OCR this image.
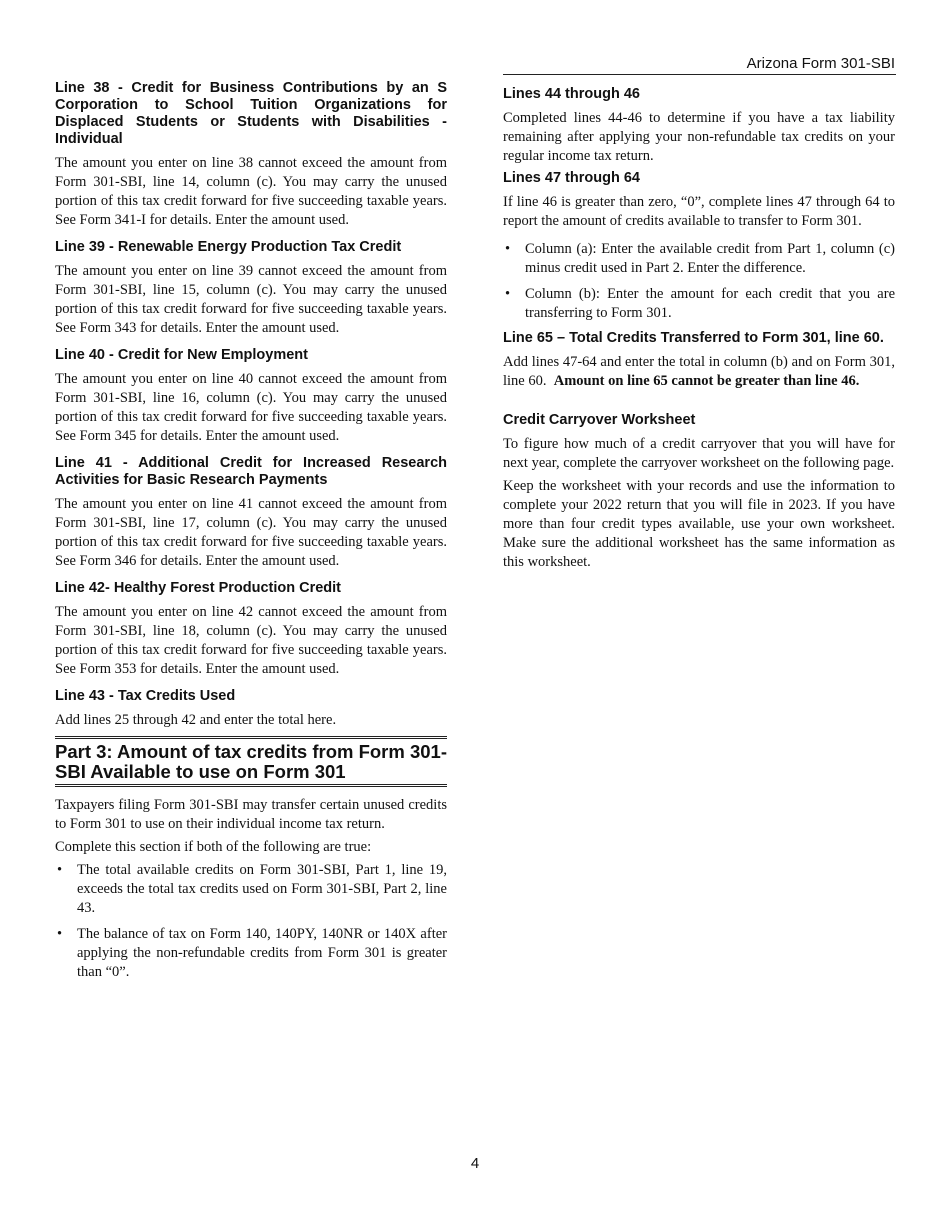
Arizona Form 301-SBI
Line 38 - Credit for Business Contributions by an S Corporation to School Tuition Organizations for Displaced Students or Students with Disabilities - Individual

The amount you enter on line 38 cannot exceed the amount from Form 301-SBI, line 14, column (c). You may carry the unused portion of this tax credit forward for five succeeding taxable years. See Form 341-I for details. Enter the amount used.

Line 39 - Renewable Energy Production Tax Credit

The amount you enter on line 39 cannot exceed the amount from Form 301-SBI, line 15, column (c). You may carry the unused portion of this tax credit forward for five succeeding taxable years. See Form 343 for details. Enter the amount used.

Line 40 - Credit for New Employment

The amount you enter on line 40 cannot exceed the amount from Form 301-SBI, line 16, column (c). You may carry the unused portion of this tax credit forward for five succeeding taxable years. See Form 345 for details. Enter the amount used.

Line 41 - Additional Credit for Increased Research Activities for Basic Research Payments

The amount you enter on line 41 cannot exceed the amount from Form 301-SBI, line 17, column (c). You may carry the unused portion of this tax credit forward for five succeeding taxable years. See Form 346 for details. Enter the amount used.

Line 42- Healthy Forest Production Credit

The amount you enter on line 42 cannot exceed the amount from Form 301-SBI, line 18, column (c). You may carry the unused portion of this tax credit forward for five succeeding taxable years. See Form 353 for details. Enter the amount used.

Line 43 - Tax Credits Used

Add lines 25 through 42 and enter the total here.

Part 3: Amount of tax credits from Form 301-SBI Available to use on Form 301

Taxpayers filing Form 301-SBI may transfer certain unused credits to Form 301 to use on their individual income tax return.

Complete this section if both of the following are true:

• The total available credits on Form 301-SBI, Part 1, line 19, exceeds the total tax credits used on Form 301-SBI, Part 2, line 43.
• The balance of tax on Form 140, 140PY, 140NR or 140X after applying the non-refundable credits from Form 301 is greater than “0”.
Lines 44 through 46

Completed lines 44-46 to determine if you have a tax liability remaining after applying your non-refundable tax credits on your regular income tax return.

Lines 47 through 64

If line 46 is greater than zero, “0”, complete lines 47 through 64 to report the amount of credits available to transfer to Form 301.

• Column (a): Enter the available credit from Part 1, column (c) minus credit used in Part 2. Enter the difference.
• Column (b): Enter the amount for each credit that you are transferring to Form 301.
Line 65 – Total Credits Transferred to Form 301, line 60.

Add lines 47-64 and enter the total in column (b) and on Form 301, line 60. Amount on line 65 cannot be greater than line 46.

Credit Carryover Worksheet

To figure how much of a credit carryover that you will have for next year, complete the carryover worksheet on the following page.

Keep the worksheet with your records and use the information to complete your 2022 return that you will file in 2023. If you have more than four credit types available, use your own worksheet. Make sure the additional worksheet has the same information as this worksheet.

4
